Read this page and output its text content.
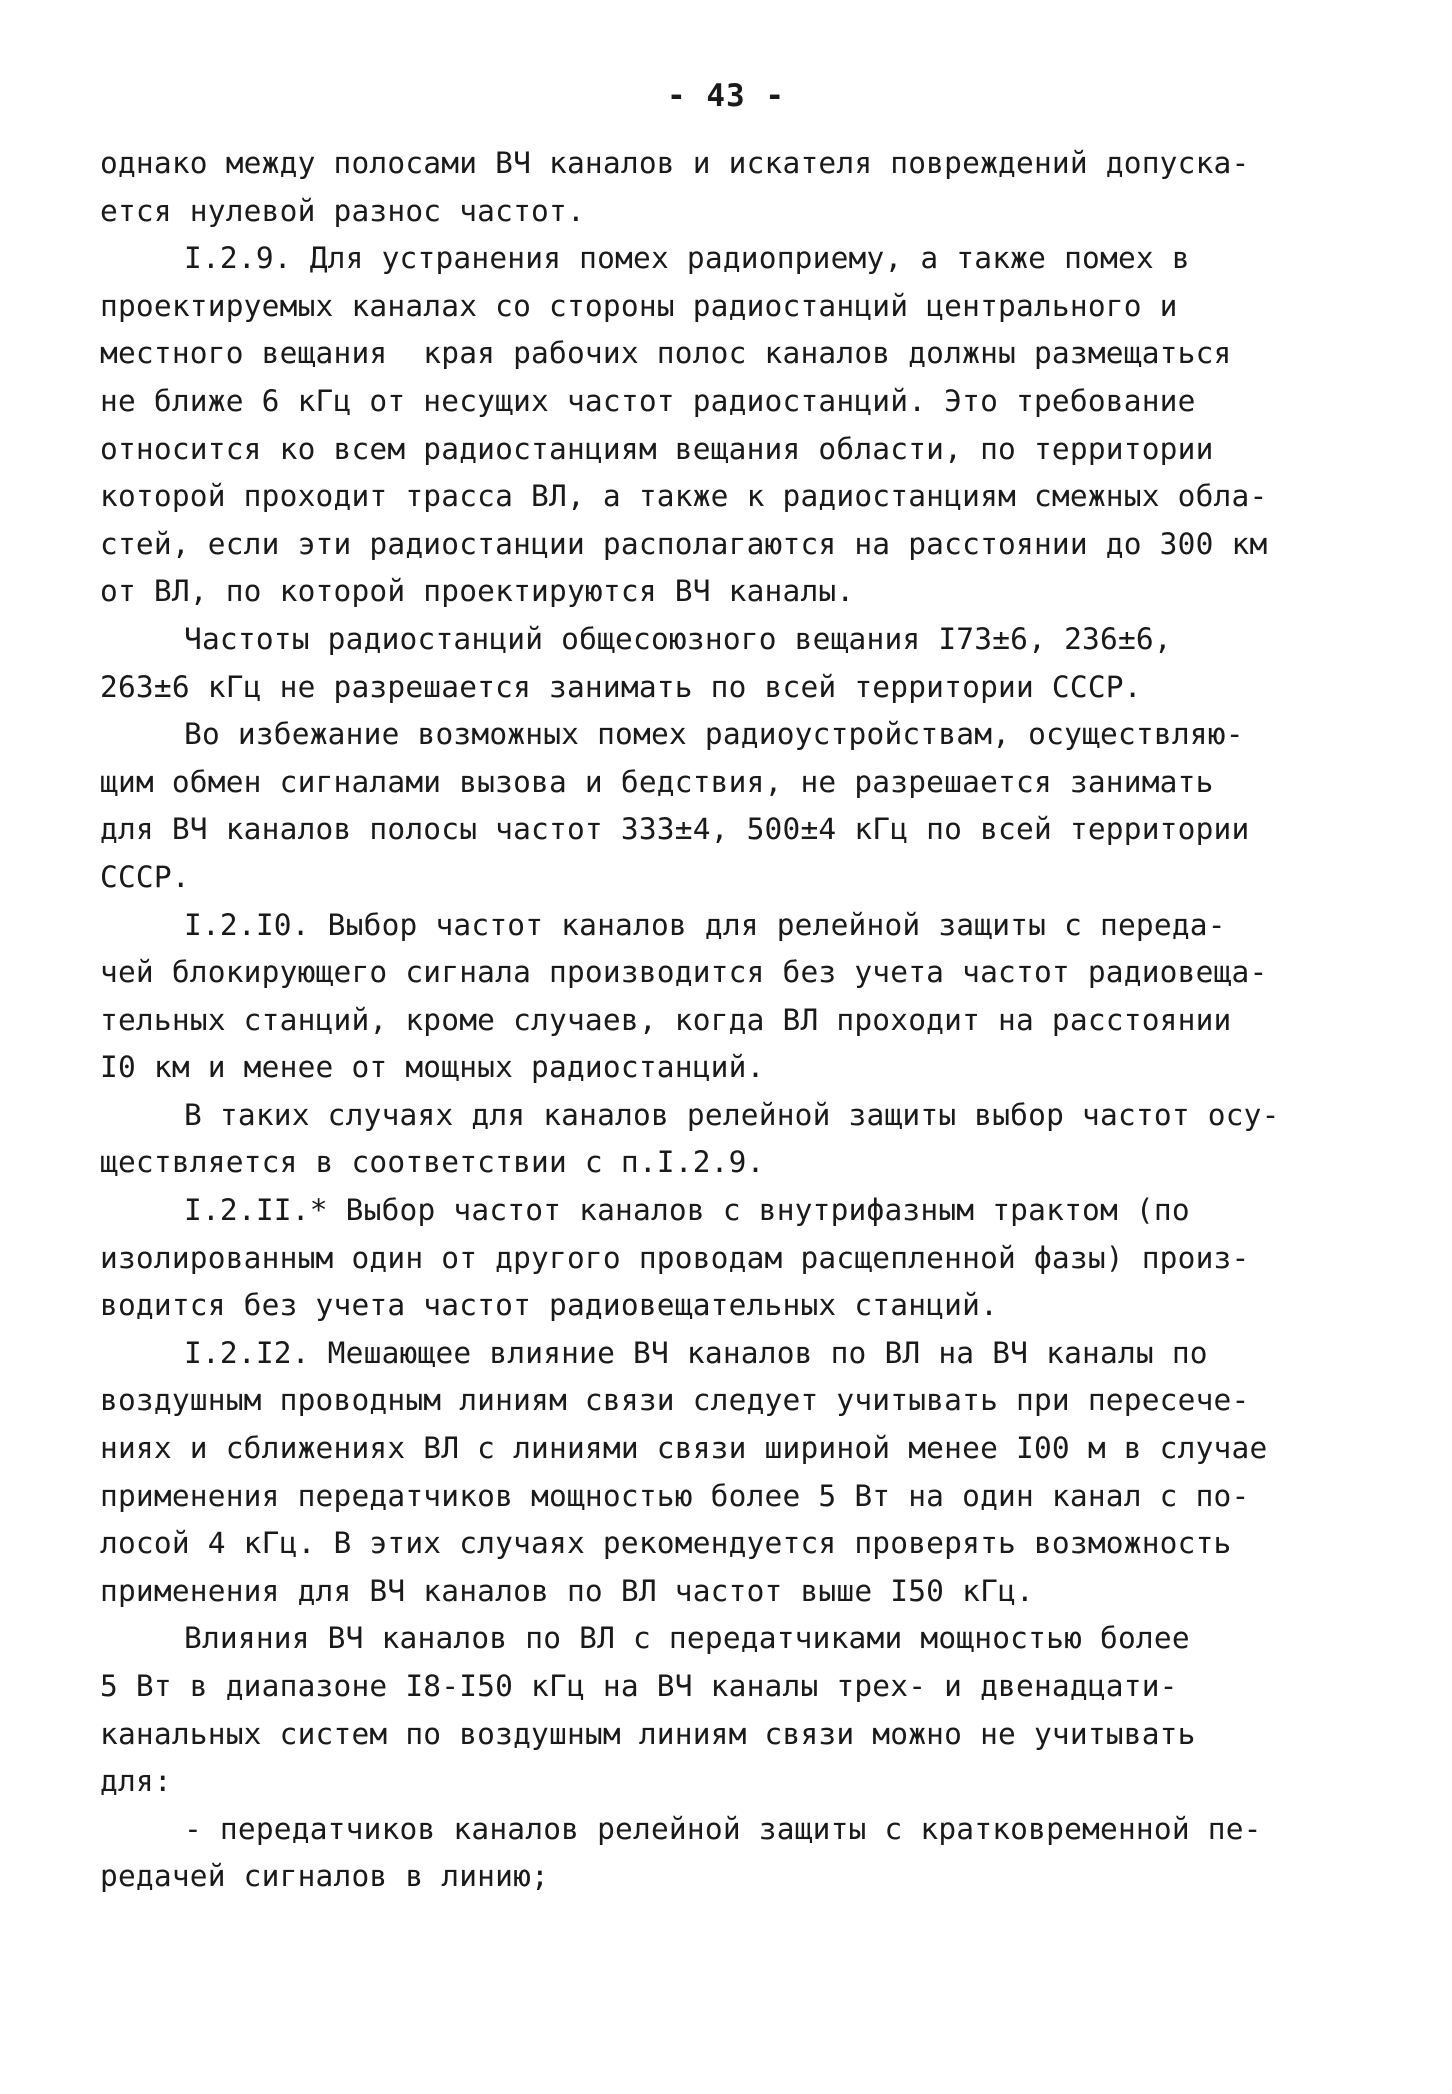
- 43 -
однако между полосами ВЧ каналов и искателя повреждений допуска-
ется нулевой разнос частот.
I.2.9. Для устранения помех радиоприему, а также помех в
проектируемых каналах со стороны радиостанций центрального и
местного вещания  края рабочих полос каналов должны размещаться
не ближе 6 кГц от несущих частот радиостанций. Это требование
относится ко всем радиостанциям вещания области, по территории
которой проходит трасса ВЛ, а также к радиостанциям смежных обла-
стей, если эти радиостанции располагаются на расстоянии до 300 км
от ВЛ, по которой проектируются ВЧ каналы.
Частоты радиостанций общесоюзного вещания I73±6, 236±6,
263±6 кГц не разрешается занимать по всей территории СССР.
Во избежание возможных помех радиоустройствам, осуществляю-
щим обмен сигналами вызова и бедствия, не разрешается занимать
для ВЧ каналов полосы частот 333±4, 500±4 кГц по всей территории
СССР.
I.2.I0. Выбор частот каналов для релейной защиты с переда-
чей блокирующего сигнала производится без учета частот радиовеща-
тельных станций, кроме случаев, когда ВЛ проходит на расстоянии
I0 км и менее от мощных радиостанций.
В таких случаях для каналов релейной защиты выбор частот осу-
ществляется в соответствии с п.I.2.9.
I.2.II.* Выбор частот каналов с внутрифазным трактом (по
изолированным один от другого проводам расщепленной фазы) произ-
водится без учета частот радиовещательных станций.
I.2.I2. Мешающее влияние ВЧ каналов по ВЛ на ВЧ каналы по
воздушным проводным линиям связи следует учитывать при пересече-
ниях и сближениях ВЛ с линиями связи шириной менее I00 м в случае
применения передатчиков мощностью более 5 Вт на один канал с по-
лосой 4 кГц. В этих случаях рекомендуется проверять возможность
применения для ВЧ каналов по ВЛ частот выше I50 кГц.
Влияния ВЧ каналов по ВЛ с передатчиками мощностью более
5 Вт в диапазоне I8-I50 кГц на ВЧ каналы трех- и двенадцати-
канальных систем по воздушным линиям связи можно не учитывать
для:
- передатчиков каналов релейной защиты с кратковременной пе-
редачей сигналов в линию;
